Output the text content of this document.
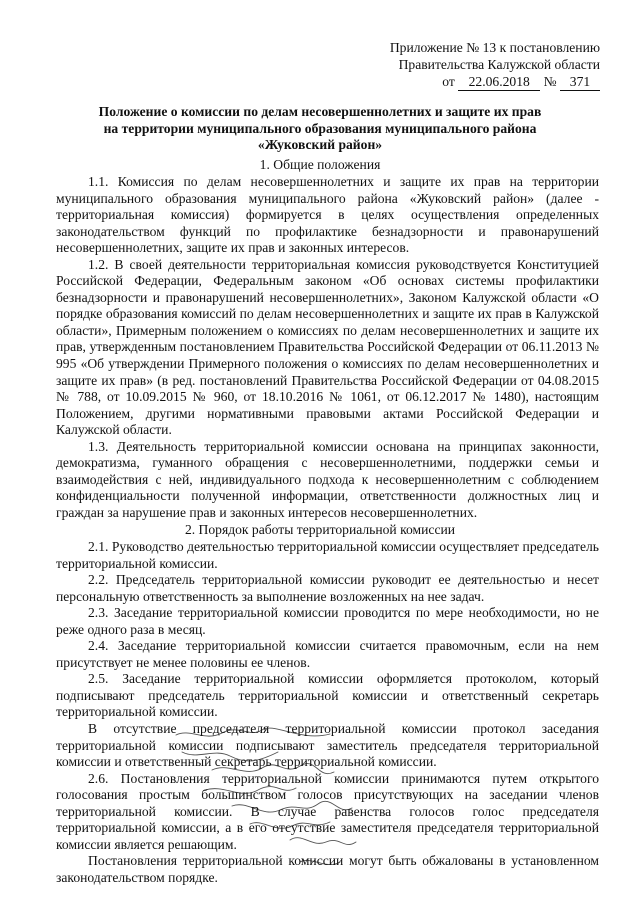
Приложение № 13 к постановлению
Правительства Калужской области
от 22.06.2018 № 371
Положение о комиссии по делам несовершеннолетних и защите их прав
на территории муниципального образования муниципального района
«Жуковский район»
1. Общие положения
1.1. Комиссия по делам несовершеннолетних и защите их прав на территории муниципального образования муниципального района «Жуковский район» (далее - территориальная комиссия) формируется в целях осуществления определенных законодательством функций по профилактике безнадзорности и правонарушений несовершеннолетних, защите их прав и законных интересов.
1.2. В своей деятельности территориальная комиссия руководствуется Конституцией Российской Федерации, Федеральным законом «Об основах системы профилактики безнадзорности и правонарушений несовершеннолетних», Законом Калужской области «О порядке образования комиссий по делам несовершеннолетних и защите их прав в Калужской области», Примерным положением о комиссиях по делам несовершеннолетних и защите их прав, утвержденным постановлением Правительства Российской Федерации от 06.11.2013 № 995 «Об утверждении Примерного положения о комиссиях по делам несовершеннолетних и защите их прав» (в ред. постановлений Правительства Российской Федерации от 04.08.2015 № 788, от 10.09.2015 № 960, от 18.10.2016 № 1061, от 06.12.2017 № 1480), настоящим Положением, другими нормативными правовыми актами Российской Федерации и Калужской области.
1.3. Деятельность территориальной комиссии основана на принципах законности, демократизма, гуманного обращения с несовершеннолетними, поддержки семьи и взаимодействия с ней, индивидуального подхода к несовершеннолетним с соблюдением конфиденциальности полученной информации, ответственности должностных лиц и граждан за нарушение прав и законных интересов несовершеннолетних.
2. Порядок работы территориальной комиссии
2.1. Руководство деятельностью территориальной комиссии осуществляет председатель территориальной комиссии.
2.2. Председатель территориальной комиссии руководит ее деятельностью и несет персональную ответственность за выполнение возложенных на нее задач.
2.3. Заседание территориальной комиссии проводится по мере необходимости, но не реже одного раза в месяц.
2.4. Заседание территориальной комиссии считается правомочным, если на нем присутствует не менее половины ее членов.
2.5. Заседание территориальной комиссии оформляется протоколом, который подписывают председатель территориальной комиссии и ответственный секретарь территориальной комиссии.
В отсутствие председателя территориальной комиссии протокол заседания территориальной комиссии подписывают заместитель председателя территориальной комиссии и ответственный секретарь территориальной комиссии.
2.6. Постановления территориальной комиссии принимаются путем открытого голосования простым большинством голосов присутствующих на заседании членов территориальной комиссии. В случае равенства голосов голос председателя территориальной комиссии, а в его отсутствие заместителя председателя территориальной комиссии является решающим.
Постановления территориальной комиссии могут быть обжалованы в установленном законодательством порядке.
